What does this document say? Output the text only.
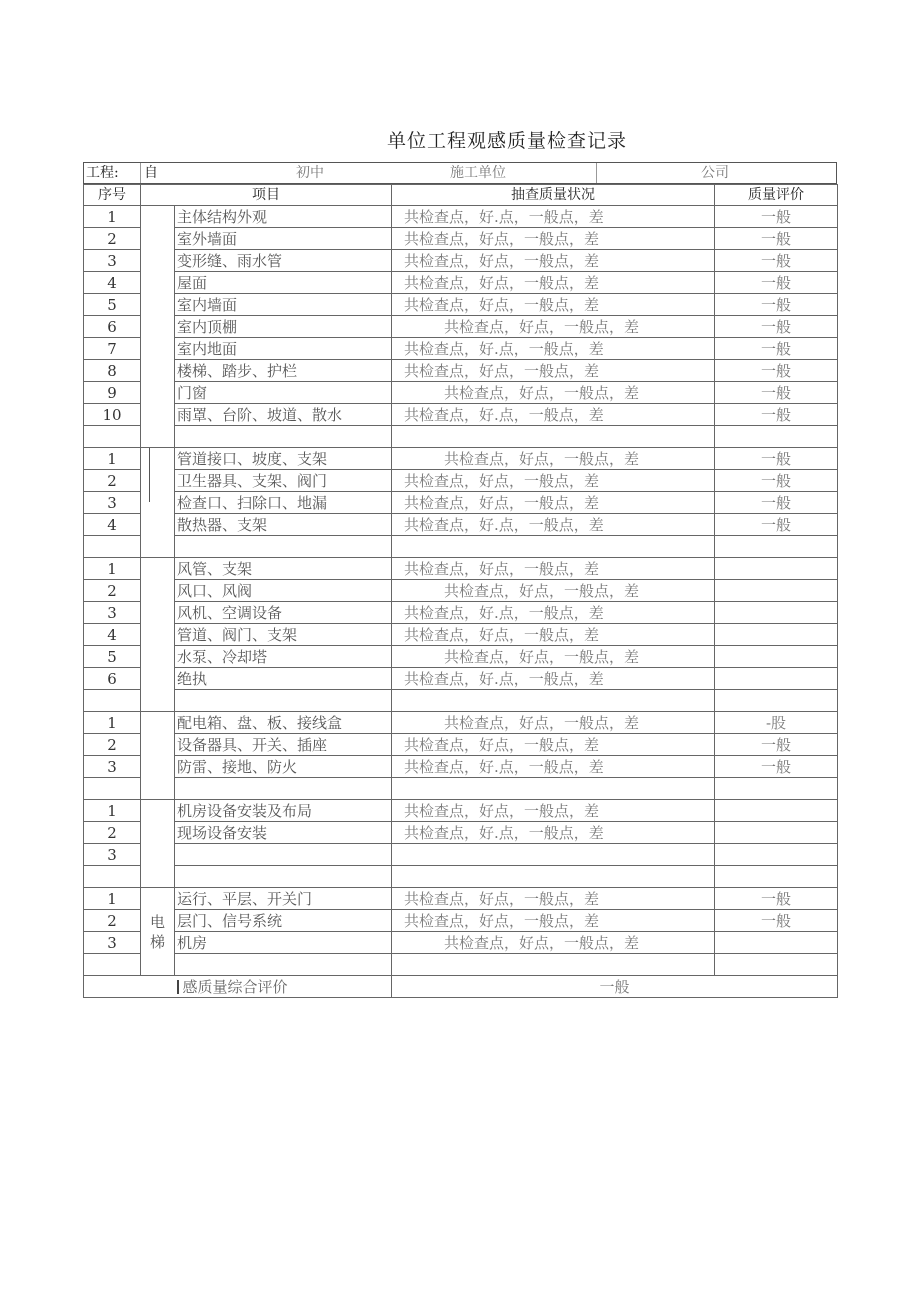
单位工程观感质量检查记录
工程: 自	初中	施工单位	公司
序号	项目		抽查质量状况	质量评价
1		主体结构外观	共检查点，好.点，一般点，差	一般
2		室外墙面	共检查点，好点，一般点，差	一般
3		变形缝、雨水管	共检查点，好点，一般点，差	一般
4		屋面	共检查点，好点，一般点，差	一般
5		室内墙面	共检查点，好点，一般点，差	一般
6		室内顶棚	共检查点，好点，一般点，差	一般
7		室内地面	共检查点，好.点，一般点，差	一般
8		楼梯、踏步、护栏	共检查点，好点，一般点，差	一般
9		门窗	共检查点，好点，一般点，差	一般
10		雨罩、台阶、坡道、散水	共检查点，好.点，一般点，差	一般

1		管道接口、坡度、支架	共检查点，好点，一般点，差	一般
2		卫生器具、支架、阀门	共检查点，好点，一般点，差	一般
3		检查口、扫除口、地漏	共检查点，好点，一般点，差	一般
4		散热器、支架	共检查点，好.点，一般点，差	一般

1		风管、支架	共检查点，好点，一般点，差	
2		风口、风阀	共检查点，好点，一般点，差	
3		风机、空调设备	共检查点，好.点，一般点，差	
4		管道、阀门、支架	共检查点，好点，一般点，差	
5		水泵、冷却塔	共检查点，好点，一般点，差	
6		绝执	共检查点，好.点，一般点，差	

1		配电箱、盘、板、接线盒	共检查点，好点，一般点，差	-股
2		设备器具、开关、插座	共检查点，好点，一般点，差	一般
3		防雷、接地、防火	共检查点，好.点，一般点，差	一般

1		机房设备安装及布局	共检查点，好点，一般点，差	
2		现场设备安装	共检查点，好.点，一般点，差	
3				

1	电梯	运行、平层、开关门	共检查点，好点，一般点，差	一般
2		层门、信号系统	共检查点，好点，一般点，差	一般
3		机房	共检查点，好点，一般点，差	

		感质量综合评价	一般	
